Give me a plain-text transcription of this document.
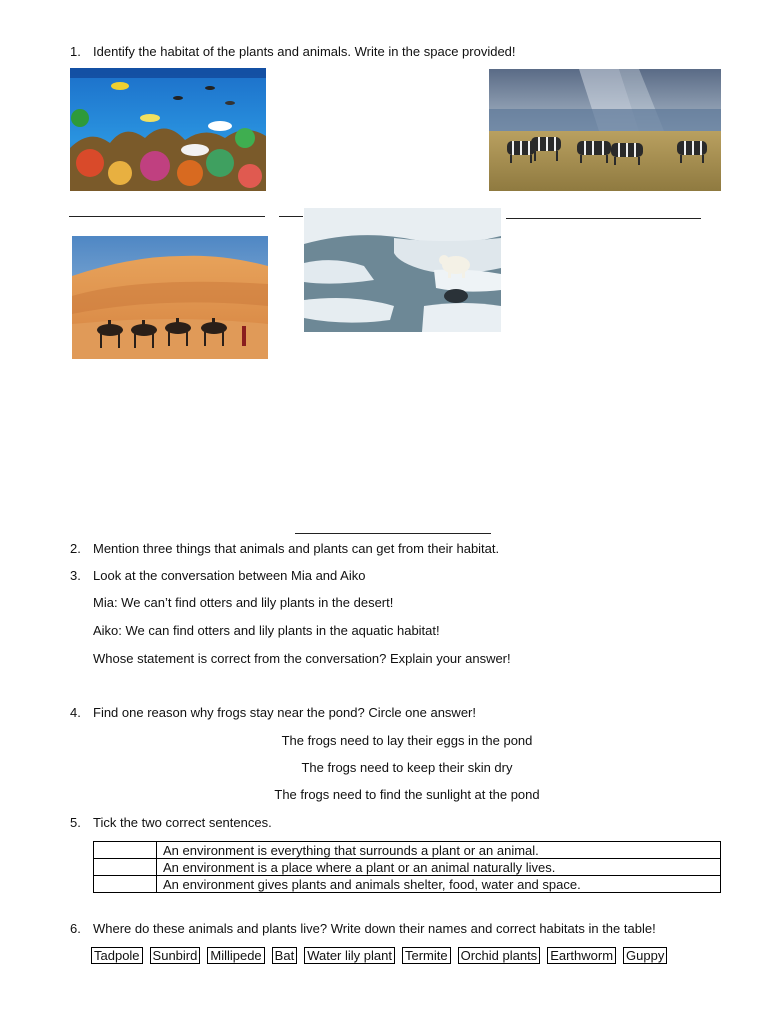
1. Identify the habitat of the plants and animals. Write in the space provided!
2. Mention three things that animals and plants can get from their habitat.
3. Look at the conversation between Mia and Aiko
Mia: We can’t find otters and lily plants in the desert!
Aiko: We can find otters and lily plants in the aquatic habitat!
Whose statement is correct from the conversation? Explain your answer!
4. Find one reason why frogs stay near the pond? Circle one answer!
The frogs need to lay their eggs in the pond
The frogs need to keep their skin dry
The frogs need to find the sunlight at the pond
5. Tick the two correct sentences.
	An environment is everything that surrounds a plant or an animal.
	An environment is a place where a plant or an animal naturally lives.
	An environment gives plants and animals shelter, food, water and space.
6. Where do these animals and plants live? Write down their names and correct habitats in the table!
Tadpole Sunbird Millipede Bat Water lily plant Termite Orchid plants Earthworm Guppy
